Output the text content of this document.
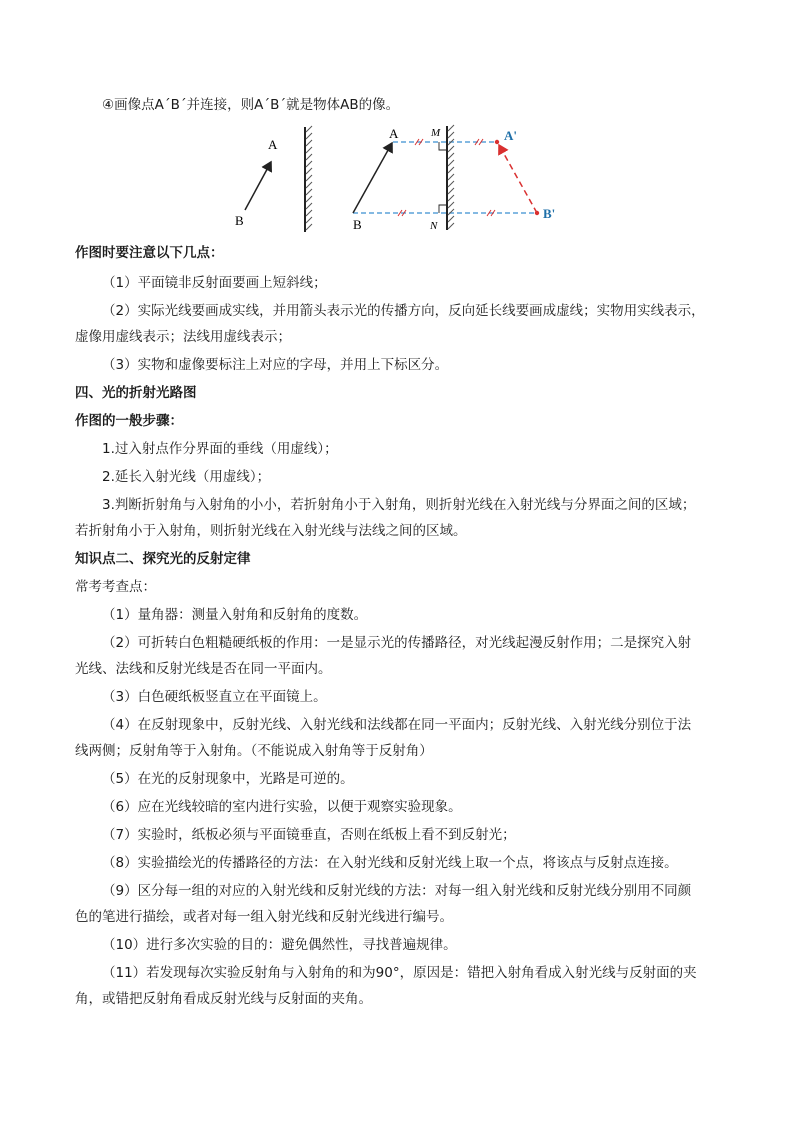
④画像点A´B´并连接，则A´B´就是物体AB的像。
作图时要注意以下几点：
（1）平面镜非反射面要画上短斜线；
（2）实际光线要画成实线，并用箭头表示光的传播方向，反向延长线要画成虚线；实物用实线表示，
虚像用虚线表示；法线用虚线表示；
（3）实物和虚像要标注上对应的字母，并用上下标区分。
四、光的折射光路图
作图的一般步骤：
1.过入射点作分界面的垂线（用虚线）；
2.延长入射光线（用虚线）；
3.判断折射角与入射角的小小，若折射角小于入射角，则折射光线在入射光线与分界面之间的区域；
若折射角小于入射角，则折射光线在入射光线与法线之间的区域。
知识点二、探究光的反射定律
常考考查点：
（1）量角器：测量入射角和反射角的度数。
（2）可折转白色粗糙硬纸板的作用：一是显示光的传播路径，对光线起漫反射作用；二是探究入射
光线、法线和反射光线是否在同一平面内。
（3）白色硬纸板竖直立在平面镜上。
（4）在反射现象中，反射光线、入射光线和法线都在同一平面内；反射光线、入射光线分别位于法
线两侧；反射角等于入射角。（不能说成入射角等于反射角）
（5）在光的反射现象中，光路是可逆的。
（6）应在光线较暗的室内进行实验，以便于观察实验现象。
（7）实验时，纸板必须与平面镜垂直，否则在纸板上看不到反射光；
（8）实验描绘光的传播路径的方法：在入射光线和反射光线上取一个点，将该点与反射点连接。
（9）区分每一组的对应的入射光线和反射光线的方法：对每一组入射光线和反射光线分别用不同颜
色的笔进行描绘，或者对每一组入射光线和反射光线进行编号。
（10）进行多次实验的目的：避免偶然性，寻找普遍规律。
（11）若发现每次实验反射角与入射角的和为90°，原因是：错把入射角看成入射光线与反射面的夹
角，或错把反射角看成反射光线与反射面的夹角。
A
B
A
B
M
N
A'
B'
